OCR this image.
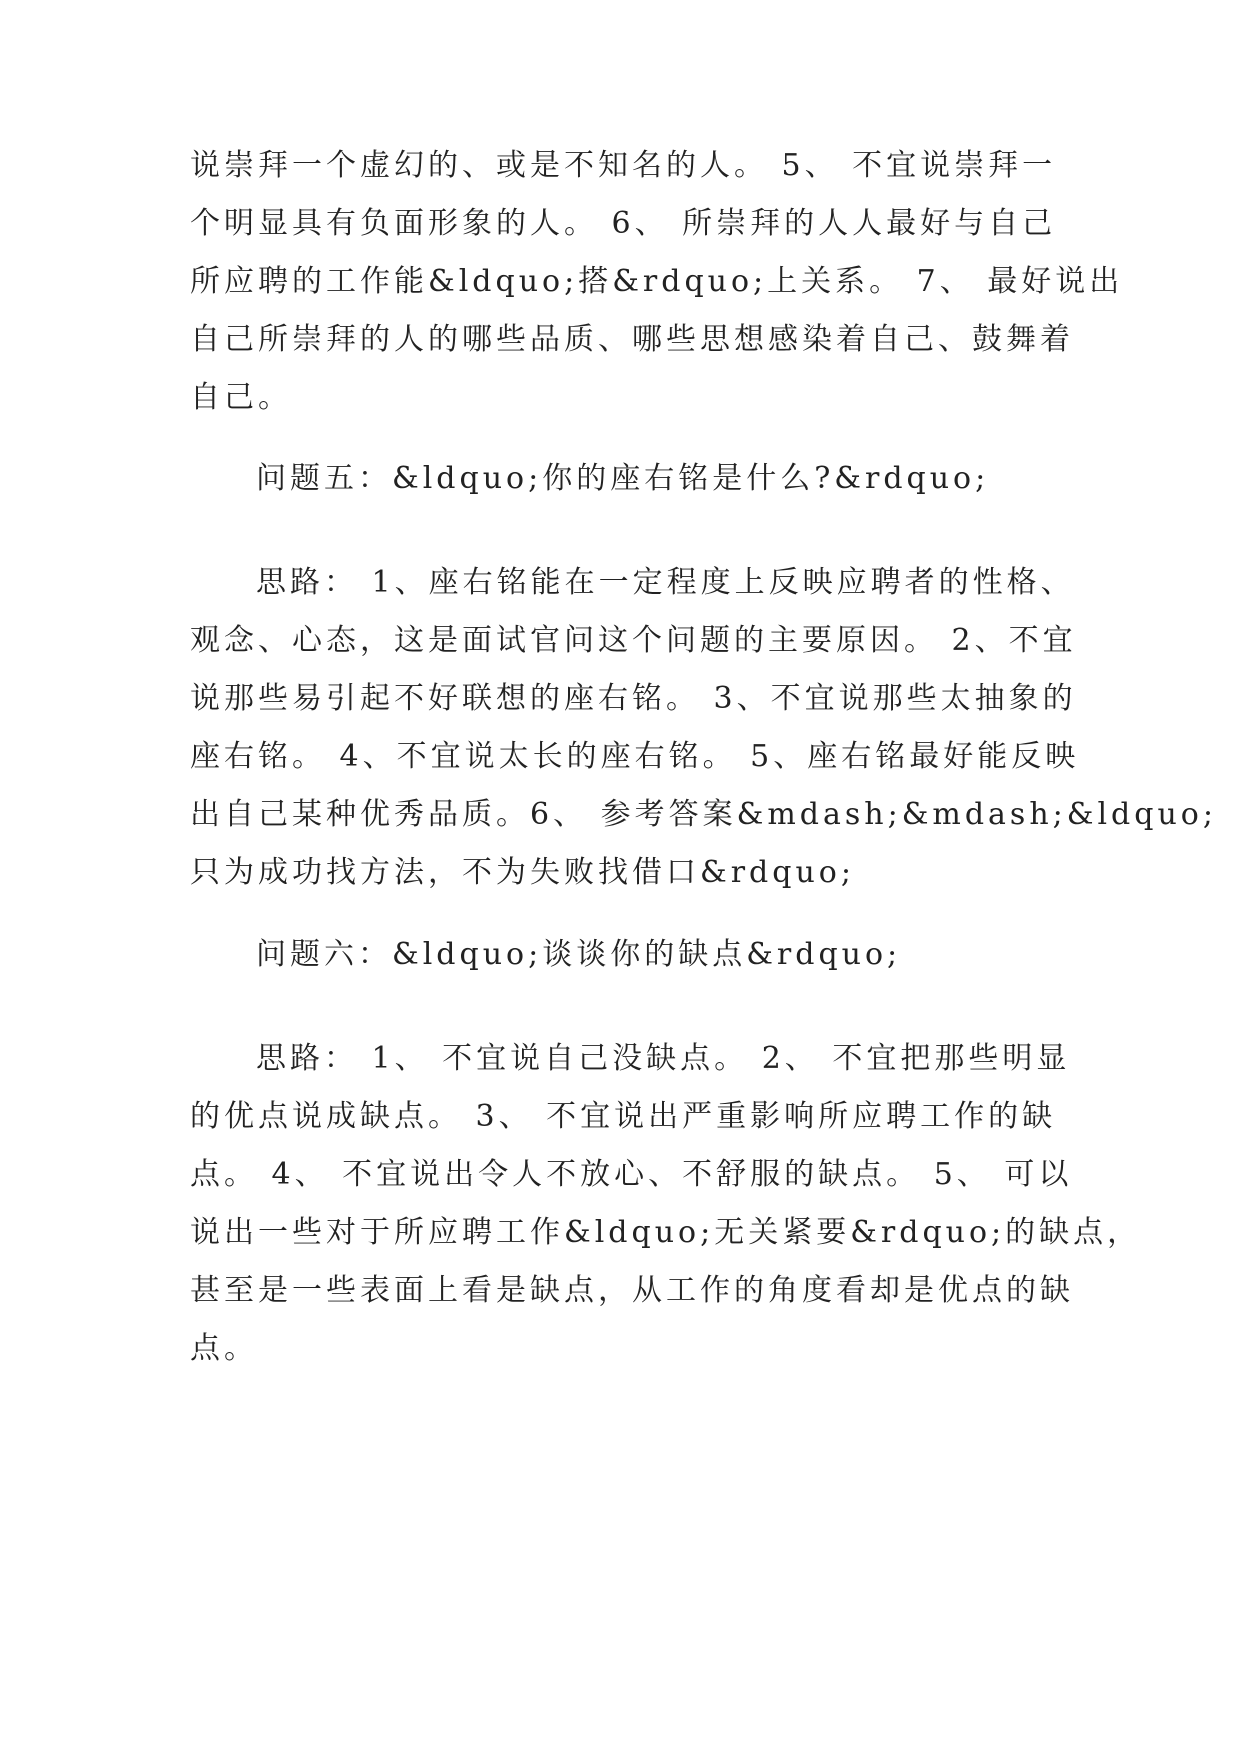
说崇拜一个虚幻的、或是不知名的人。 5、 不宜说崇拜一
个明显具有负面形象的人。 6、 所崇拜的人人最好与自己
所应聘的工作能&ldquo;搭&rdquo;上关系。 7、 最好说出
自己所崇拜的人的哪些品质、哪些思想感染着自己、鼓舞着
自己。
问题五：&ldquo;你的座右铭是什么?&rdquo;
思路： 1、座右铭能在一定程度上反映应聘者的性格、
观念、心态，这是面试官问这个问题的主要原因。 2、不宜
说那些易引起不好联想的座右铭。 3、不宜说那些太抽象的
座右铭。 4、不宜说太长的座右铭。 5、座右铭最好能反映
出自己某种优秀品质。6、 参考答案&mdash;&mdash;&ldquo;
只为成功找方法，不为失败找借口&rdquo;
问题六：&ldquo;谈谈你的缺点&rdquo;
思路： 1、 不宜说自己没缺点。 2、 不宜把那些明显
的优点说成缺点。 3、 不宜说出严重影响所应聘工作的缺
点。 4、 不宜说出令人不放心、不舒服的缺点。 5、 可以
说出一些对于所应聘工作&ldquo;无关紧要&rdquo;的缺点，
甚至是一些表面上看是缺点，从工作的角度看却是优点的缺
点。
